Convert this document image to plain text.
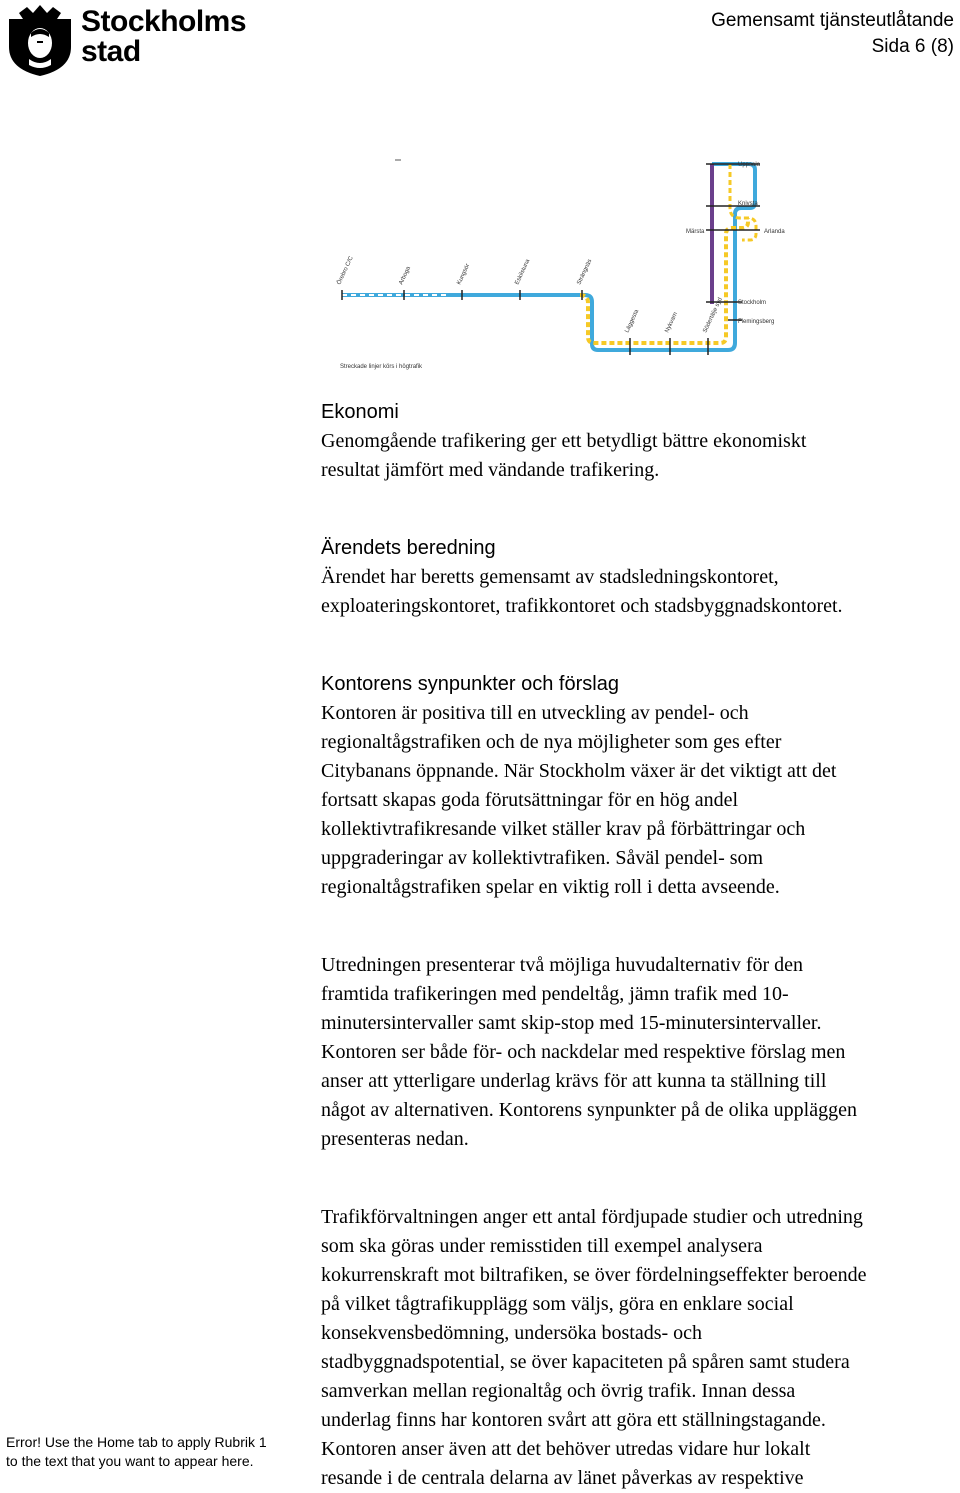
Stockholms
stad
Gemensamt tjänsteutlåtande
Sida 6 (8)
Örebro C/C	Arboga	Kungsör	Eskilstuna	Strängnäs
Läggesta	Nykvarn	Södertälje syd
Uppsala
Knivsta
Märsta	Arlanda
Stockholm
Flemingsberg
Streckade linjer körs i högtrafik

Ekonomi

Genomgående trafikering ger ett betydligt bättre ekonomiskt

resultat jämfört med vändande trafikering.

Ärendets beredning

Ärendet har beretts gemensamt av stadsledningskontoret,

exploateringskontoret, trafikkontoret och stadsbyggnadskontoret.

Kontorens synpunkter och förslag

Kontoren är positiva till en utveckling av pendel- och

regionaltågstrafiken och de nya möjligheter som ges efter

Citybanans öppnande. När Stockholm växer är det viktigt att det

fortsatt skapas goda förutsättningar för en hög andel

kollektivtrafikresande vilket ställer krav på förbättringar och

uppgraderingar av kollektivtrafiken. Såväl pendel- som

regionaltågstrafiken spelar en viktig roll i detta avseende.

Utredningen presenterar två möjliga huvudalternativ för den

framtida trafikeringen med pendeltåg, jämn trafik med 10-

minutersintervaller samt skip-stop med 15-minutersintervaller.

Kontoren ser både för- och nackdelar med respektive förslag men

anser att ytterligare underlag krävs för att kunna ta ställning till

något av alternativen. Kontorens synpunkter på de olika uppläggen

presenteras nedan.

Trafikförvaltningen anger ett antal fördjupade studier och utredning

som ska göras under remisstiden till exempel analysera

kokurrenskraft mot biltrafiken, se över fördelningseffekter beroende

på vilket tågtrafikupplägg som väljs, göra en enklare social

konsekvensbedömning, undersöka bostads- och

stadbyggnadspotential, se över kapaciteten på spåren samt studera

samverkan mellan regionaltåg och övrig trafik. Innan dessa

underlag finns har kontoren svårt att göra ett ställningstagande.

Kontoren anser även att det behöver utredas vidare hur lokalt

resande i de centrala delarna av länet påverkas av respektive

Error! Use the Home tab to apply Rubrik 1
to the text that you want to appear here.
